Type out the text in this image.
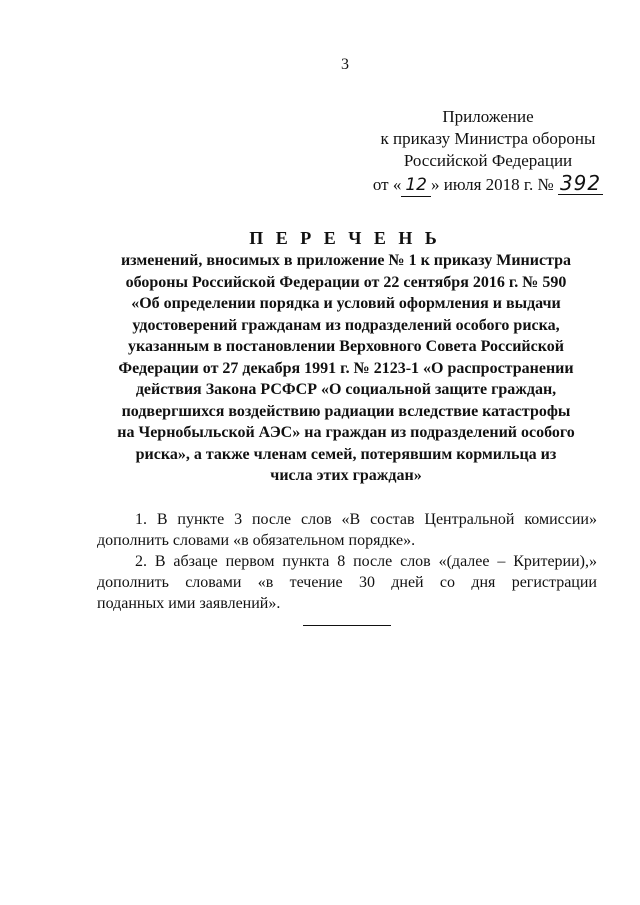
3
Приложение
к приказу Министра обороны
Российской Федерации
от « 12 » июля 2018 г. № 392
П Е Р Е Ч Е Н Ь
изменений, вносимых в приложение № 1 к приказу Министра
обороны Российской Федерации от 22 сентября 2016 г. № 590
«Об определении порядка и условий оформления и выдачи
удостоверений гражданам из подразделений особого риска,
указанным в постановлении Верховного Совета Российской
Федерации от 27 декабря 1991 г. № 2123-1 «О распространении
действия Закона РСФСР «О социальной защите граждан,
подвергшихся воздействию радиации вследствие катастрофы
на Чернобыльской АЭС» на граждан из подразделений особого
риска», а также членам семей, потерявшим кормильца из
числа этих граждан»
1. В пункте 3 после слов «В состав Центральной комиссии»
дополнить словами «в обязательном порядке».
2. В абзаце первом пункта 8 после слов «(далее – Критерии),»
дополнить словами «в течение 30 дней со дня регистрации
поданных ими заявлений».
